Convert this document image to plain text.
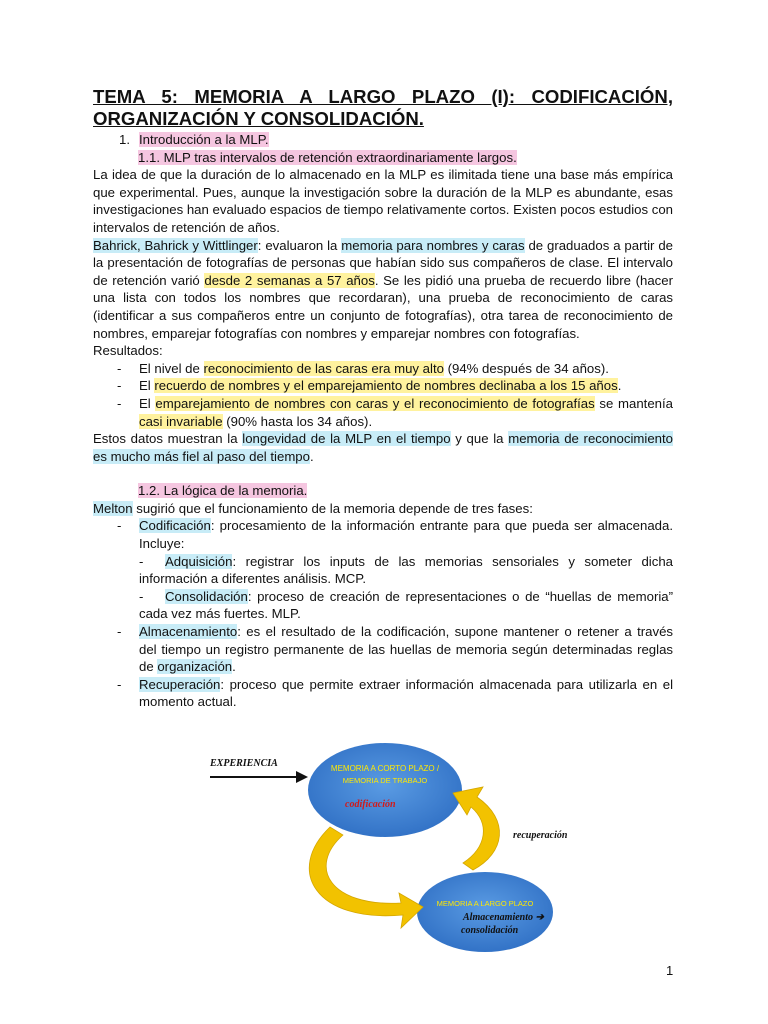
TEMA 5: MEMORIA A LARGO PLAZO (I): CODIFICACIÓN,
ORGANIZACIÓN Y CONSOLIDACIÓN.
1. Introducción a la MLP.
1.1. MLP tras intervalos de retención extraordinariamente largos.

La idea de que la duración de lo almacenado en la MLP es ilimitada tiene una base más empírica que experimental. Pues, aunque la investigación sobre la duración de la MLP es abundante, esas investigaciones han evaluado espacios de tiempo relativamente cortos. Existen pocos estudios con intervalos de retención de años.

Bahrick, Bahrick y Wittlinger: evaluaron la memoria para nombres y caras de graduados a partir de la presentación de fotografías de personas que habían sido sus compañeros de clase. El intervalo de retención varió desde 2 semanas a 57 años. Se les pidió una prueba de recuerdo libre (hacer una lista con todos los nombres que recordaran), una prueba de reconocimiento de caras (identificar a sus compañeros entre un conjunto de fotografías), otra tarea de reconocimiento de nombres, emparejar fotografías con nombres y emparejar nombres con fotografías.

Resultados:
- El nivel de reconocimiento de las caras era muy alto (94% después de 34 años).
- El recuerdo de nombres y el emparejamiento de nombres declinaba a los 15 años.
- El emparejamiento de nombres con caras y el reconocimiento de fotografías se mantenía casi invariable (90% hasta los 34 años).

Estos datos muestran la longevidad de la MLP en el tiempo y que la memoria de reconocimiento es mucho más fiel al paso del tiempo.

1.2. La lógica de la memoria.

Melton sugirió que el funcionamiento de la memoria depende de tres fases:

- Codificación: procesamiento de la información entrante para que pueda ser almacenada. Incluye:
- Adquisición: registrar los inputs de las memorias sensoriales y someter dicha información a diferentes análisis. MCP.
- Consolidación: proceso de creación de representaciones o de “huellas de memoria” cada vez más fuertes. MLP.
- Almacenamiento: es el resultado de la codificación, supone mantener o retener a través del tiempo un registro permanente de las huellas de memoria según determinadas reglas de organización.
- Recuperación: proceso que permite extraer información almacenada para utilizarla en el momento actual.
MEMORIA A CORTO PLAZO /
MEMORIA DE TRABAJO
codificación
MEMORIA A LARGO PLAZO
Almacenamiento ➔
consolidación
EXPERIENCIA
recuperación
1
